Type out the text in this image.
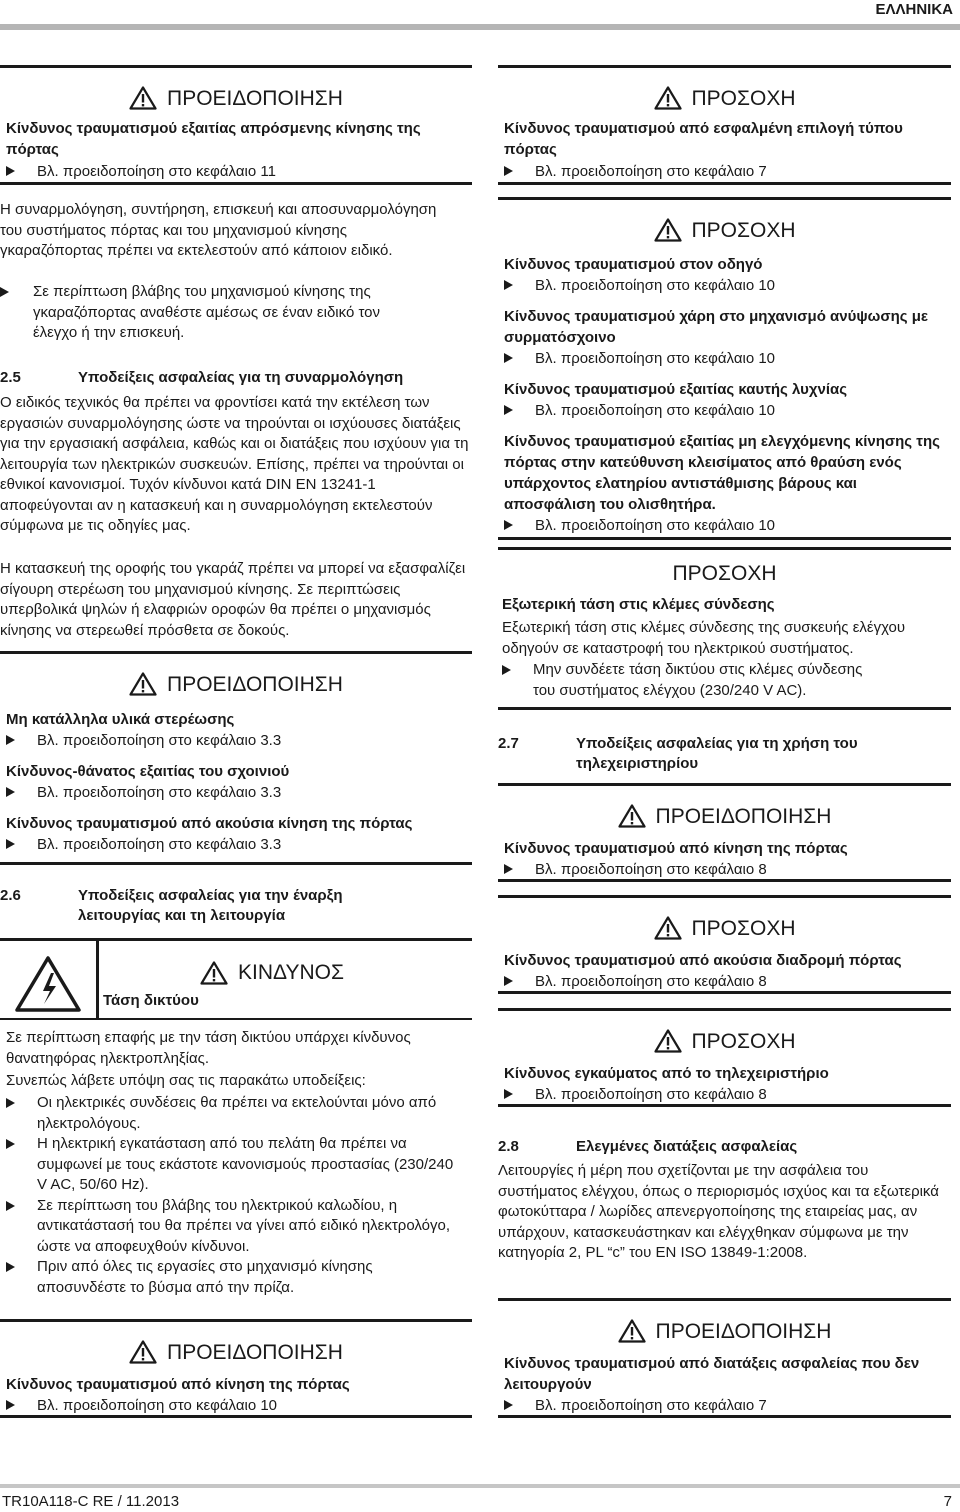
ΕΛΛΗΝΙΚΑ
ΠΡΟΕΙΔΟΠΟΙΗΣΗ
Κίνδυνος τραυματισμού εξαιτίας απρόσμενης κίνησης της πόρτας
Βλ. προειδοποίηση στο κεφάλαιο 11
Η συναρμολόγηση, συντήρηση, επισκευή και αποσυναρμολόγηση του συστήματος πόρτας και του μηχανισμού κίνησης γκαραζόπορτας πρέπει να εκτελεστούν από κάποιον ειδικό.
Σε περίπτωση βλάβης του μηχανισμού κίνησης της γκαραζόπορτας αναθέστε αμέσως σε έναν ειδικό τον έλεγχο ή την επισκευή.
2.5	Υποδείξεις ασφαλείας για τη συναρμολόγηση
Ο ειδικός τεχνικός θα πρέπει να φροντίσει κατά την εκτέλεση των εργασιών συναρμολόγησης ώστε να τηρούνται οι ισχύουσες διατάξεις για την εργασιακή ασφάλεια, καθώς και οι διατάξεις που ισχύουν για τη λειτουργία των ηλεκτρικών συσκευών. Επίσης, πρέπει να τηρούνται οι εθνικοί κανονισμοί. Τυχόν κίνδυνοι κατά DIN EN 13241-1 αποφεύγονται αν η κατασκευή και η συναρμολόγηση εκτελεστούν σύμφωνα με τις οδηγίες μας.
Η κατασκευή της οροφής του γκαράζ πρέπει να μπορεί να εξασφαλίζει σίγουρη στερέωση του μηχανισμού κίνησης. Σε περιπτώσεις υπερβολικά ψηλών ή ελαφριών οροφών θα πρέπει ο μηχανισμός κίνησης να στερεωθεί πρόσθετα σε δοκούς.
ΠΡΟΕΙΔΟΠΟΙΗΣΗ
Μη κατάλληλα υλικά στερέωσης
Βλ. προειδοποίηση στο κεφάλαιο 3.3
Κίνδυνος-θάνατος εξαιτίας του σχοινιού
Βλ. προειδοποίηση στο κεφάλαιο 3.3
Κίνδυνος τραυματισμού από ακούσια κίνηση της πόρτας
Βλ. προειδοποίηση στο κεφάλαιο 3.3
2.6	Υποδείξεις ασφαλείας για την έναρξη λειτουργίας και τη λειτουργία
ΚΙΝΔΥΝΟΣ
Τάση δικτύου
Σε περίπτωση επαφής με την τάση δικτύου υπάρχει κίνδυνος θανατηφόρας ηλεκτροπληξίας.
Συνεπώς λάβετε υπόψη σας τις παρακάτω υποδείξεις:
Οι ηλεκτρικές συνδέσεις θα πρέπει να εκτελούνται μόνο από ηλεκτρολόγους.
Η ηλεκτρική εγκατάσταση από του πελάτη θα πρέπει να συμφωνεί με τους εκάστοτε κανονισμούς προστασίας (230/240 V AC, 50/60 Hz).
Σε περίπτωση του βλάβης του ηλεκτρικού καλωδίου, η αντικατάστασή του θα πρέπει να γίνει από ειδικό ηλεκτρολόγο, ώστε να αποφευχθούν κίνδυνοι.
Πριν από όλες τις εργασίες στο μηχανισμό κίνησης αποσυνδέστε το βύσμα από την πρίζα.
ΠΡΟΕΙΔΟΠΟΙΗΣΗ
Κίνδυνος τραυματισμού από κίνηση της πόρτας
Βλ. προειδοποίηση στο κεφάλαιο 10
ΠΡΟΣΟΧΗ
Κίνδυνος τραυματισμού από εσφαλμένη επιλογή τύπου πόρτας
Βλ. προειδοποίηση στο κεφάλαιο 7
ΠΡΟΣΟΧΗ
Κίνδυνος τραυματισμού στον οδηγό
Βλ. προειδοποίηση στο κεφάλαιο 10
Κίνδυνος τραυματισμού χάρη στο μηχανισμό ανύψωσης με συρματόσχοινο
Βλ. προειδοποίηση στο κεφάλαιο 10
Κίνδυνος τραυματισμού εξαιτίας καυτής λυχνίας
Βλ. προειδοποίηση στο κεφάλαιο 10
Κίνδυνος τραυματισμού εξαιτίας μη ελεγχόμενης κίνησης της πόρτας στην κατεύθυνση κλεισίματος από θραύση ενός υπάρχοντος ελατηρίου αντιστάθμισης βάρους και αποσφάλιση του ολισθητήρα.
Βλ. προειδοποίηση στο κεφάλαιο 10
ΠΡΟΣΟΧΗ
Εξωτερική τάση στις κλέμες σύνδεσης
Εξωτερική τάση στις κλέμες σύνδεσης της συσκευής ελέγχου οδηγούν σε καταστροφή του ηλεκτρικού συστήματος.
Μην συνδέετε τάση δικτύου στις κλέμες σύνδεσης του συστήματος ελέγχου (230/240 V AC).
2.7	Υποδείξεις ασφαλείας για τη χρήση του τηλεχειριστηρίου
ΠΡΟΕΙΔΟΠΟΙΗΣΗ
Κίνδυνος τραυματισμού από κίνηση της πόρτας
Βλ. προειδοποίηση στο κεφάλαιο 8
ΠΡΟΣΟΧΗ
Κίνδυνος τραυματισμού από ακούσια διαδρομή πόρτας
Βλ. προειδοποίηση στο κεφάλαιο 8
ΠΡΟΣΟΧΗ
Κίνδυνος εγκαύματος από το τηλεχειριστήριο
Βλ. προειδοποίηση στο κεφάλαιο 8
2.8	Ελεγμένες διατάξεις ασφαλείας
Λειτουργίες ή μέρη που σχετίζονται με την ασφάλεια του συστήματος ελέγχου, όπως ο περιορισμός ισχύος και τα εξωτερικά φωτοκύτταρα / λωρίδες απενεργοποίησης της εταιρείας μας, αν υπάρχουν, κατασκευάστηκαν και ελέγχθηκαν σύμφωνα με την κατηγορία 2, PL “c” του EN ISO 13849-1:2008.
ΠΡΟΕΙΔΟΠΟΙΗΣΗ
Κίνδυνος τραυματισμού από διατάξεις ασφαλείας που δεν λειτουργούν
Βλ. προειδοποίηση στο κεφάλαιο 7
TR10A118-C RE / 11.2013	7
